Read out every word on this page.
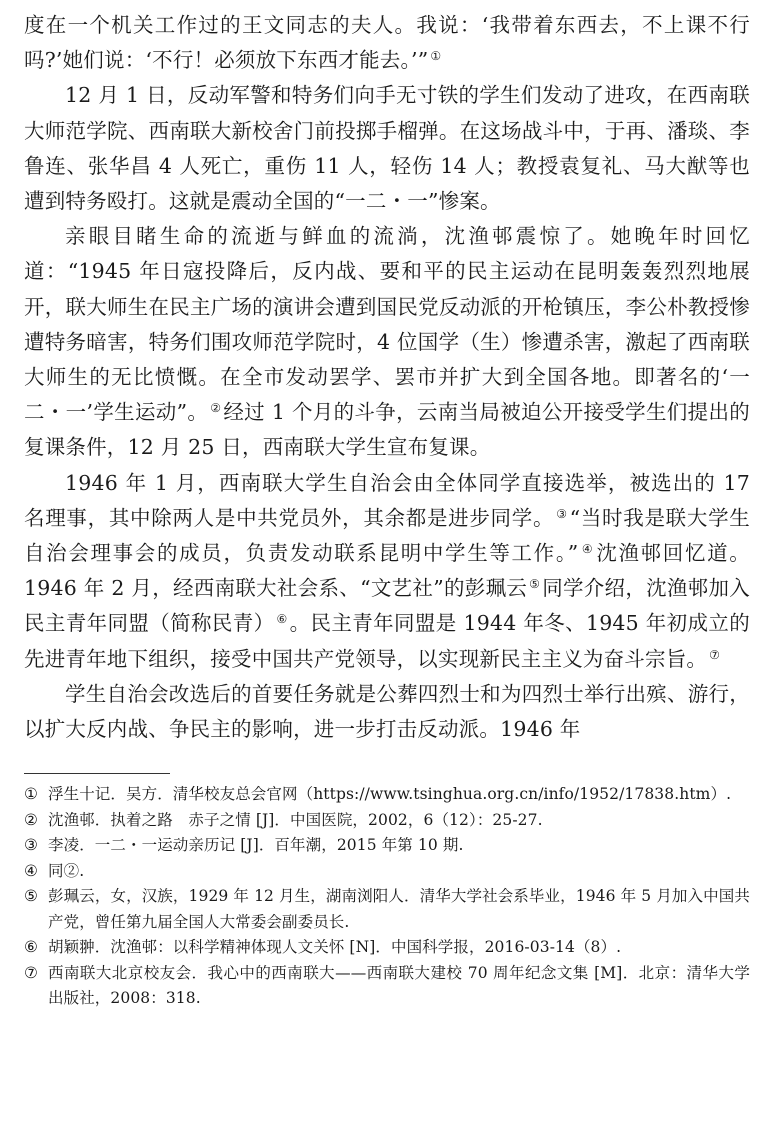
度在一个机关工作过的王文同志的夫人。我说：‘我带着东西去，不上课不行吗?’她们说：‘不行！必须放下东西才能去。’” ①

12 月 1 日，反动军警和特务们向手无寸铁的学生们发动了进攻，在西南联大师范学院、西南联大新校舍门前投掷手榴弹。在这场战斗中，于再、潘琰、李鲁连、张华昌 4 人死亡，重伤 11 人，轻伤 14 人；教授袁复礼、马大猷等也遭到特务殴打。这就是震动全国的“一二・一”惨案。

亲眼目睹生命的流逝与鲜血的流淌，沈渔邨震惊了。她晚年时回忆道：“1945 年日寇投降后，反内战、要和平的民主运动在昆明轰轰烈烈地展开，联大师生在民主广场的演讲会遭到国民党反动派的开枪镇压，李公朴教授惨遭特务暗害，特务们围攻师范学院时，4 位国学（生）惨遭杀害，激起了西南联大师生的无比愤慨。在全市发动罢学、罢市并扩大到全国各地。即著名的‘一二・一’学生运动”。 ②经过 1 个月的斗争，云南当局被迫公开接受学生们提出的复课条件，12 月 25 日，西南联大学生宣布复课。

1946 年 1 月，西南联大学生自治会由全体同学直接选举，被选出的 17 名理事，其中除两人是中共党员外，其余都是进步同学。 ③“当时我是联大学生自治会理事会的成员，负责发动联系昆明中学生等工作。” ④沈渔邨回忆道。1946 年 2 月，经西南联大社会系、“文艺社”的彭珮云 ⑤同学介绍，沈渔邨加入民主青年同盟（简称民青） ⑥。民主青年同盟是 1944 年冬、1945 年初成立的先进青年地下组织，接受中国共产党领导，以实现新民主主义为奋斗宗旨。 ⑦

学生自治会改选后的首要任务就是公葬四烈士和为四烈士举行出殡、游行，以扩大反内战、争民主的影响，进一步打击反动派。1946 年

① 浮生十记．吴方．清华校友总会官网（https://www.tsinghua.org.cn/info/1952/17838.htm）.
② 沈渔邨．执着之路　赤子之情 [J]．中国医院，2002，6（12）：25-27.
③ 李凌．一二・一运动亲历记 [J]．百年潮，2015 年第 10 期.
④ 同②.
⑤ 彭珮云，女，汉族，1929 年 12 月生，湖南浏阳人．清华大学社会系毕业，1946 年 5 月加入中国共产党，曾任第九届全国人大常委会副委员长.
⑥ 胡颖翀．沈渔邨：以科学精神体现人文关怀 [N]．中国科学报，2016-03-14（8）.
⑦ 西南联大北京校友会．我心中的西南联大——西南联大建校 70 周年纪念文集 [M]．北京：清华大学出版社，2008：318.
